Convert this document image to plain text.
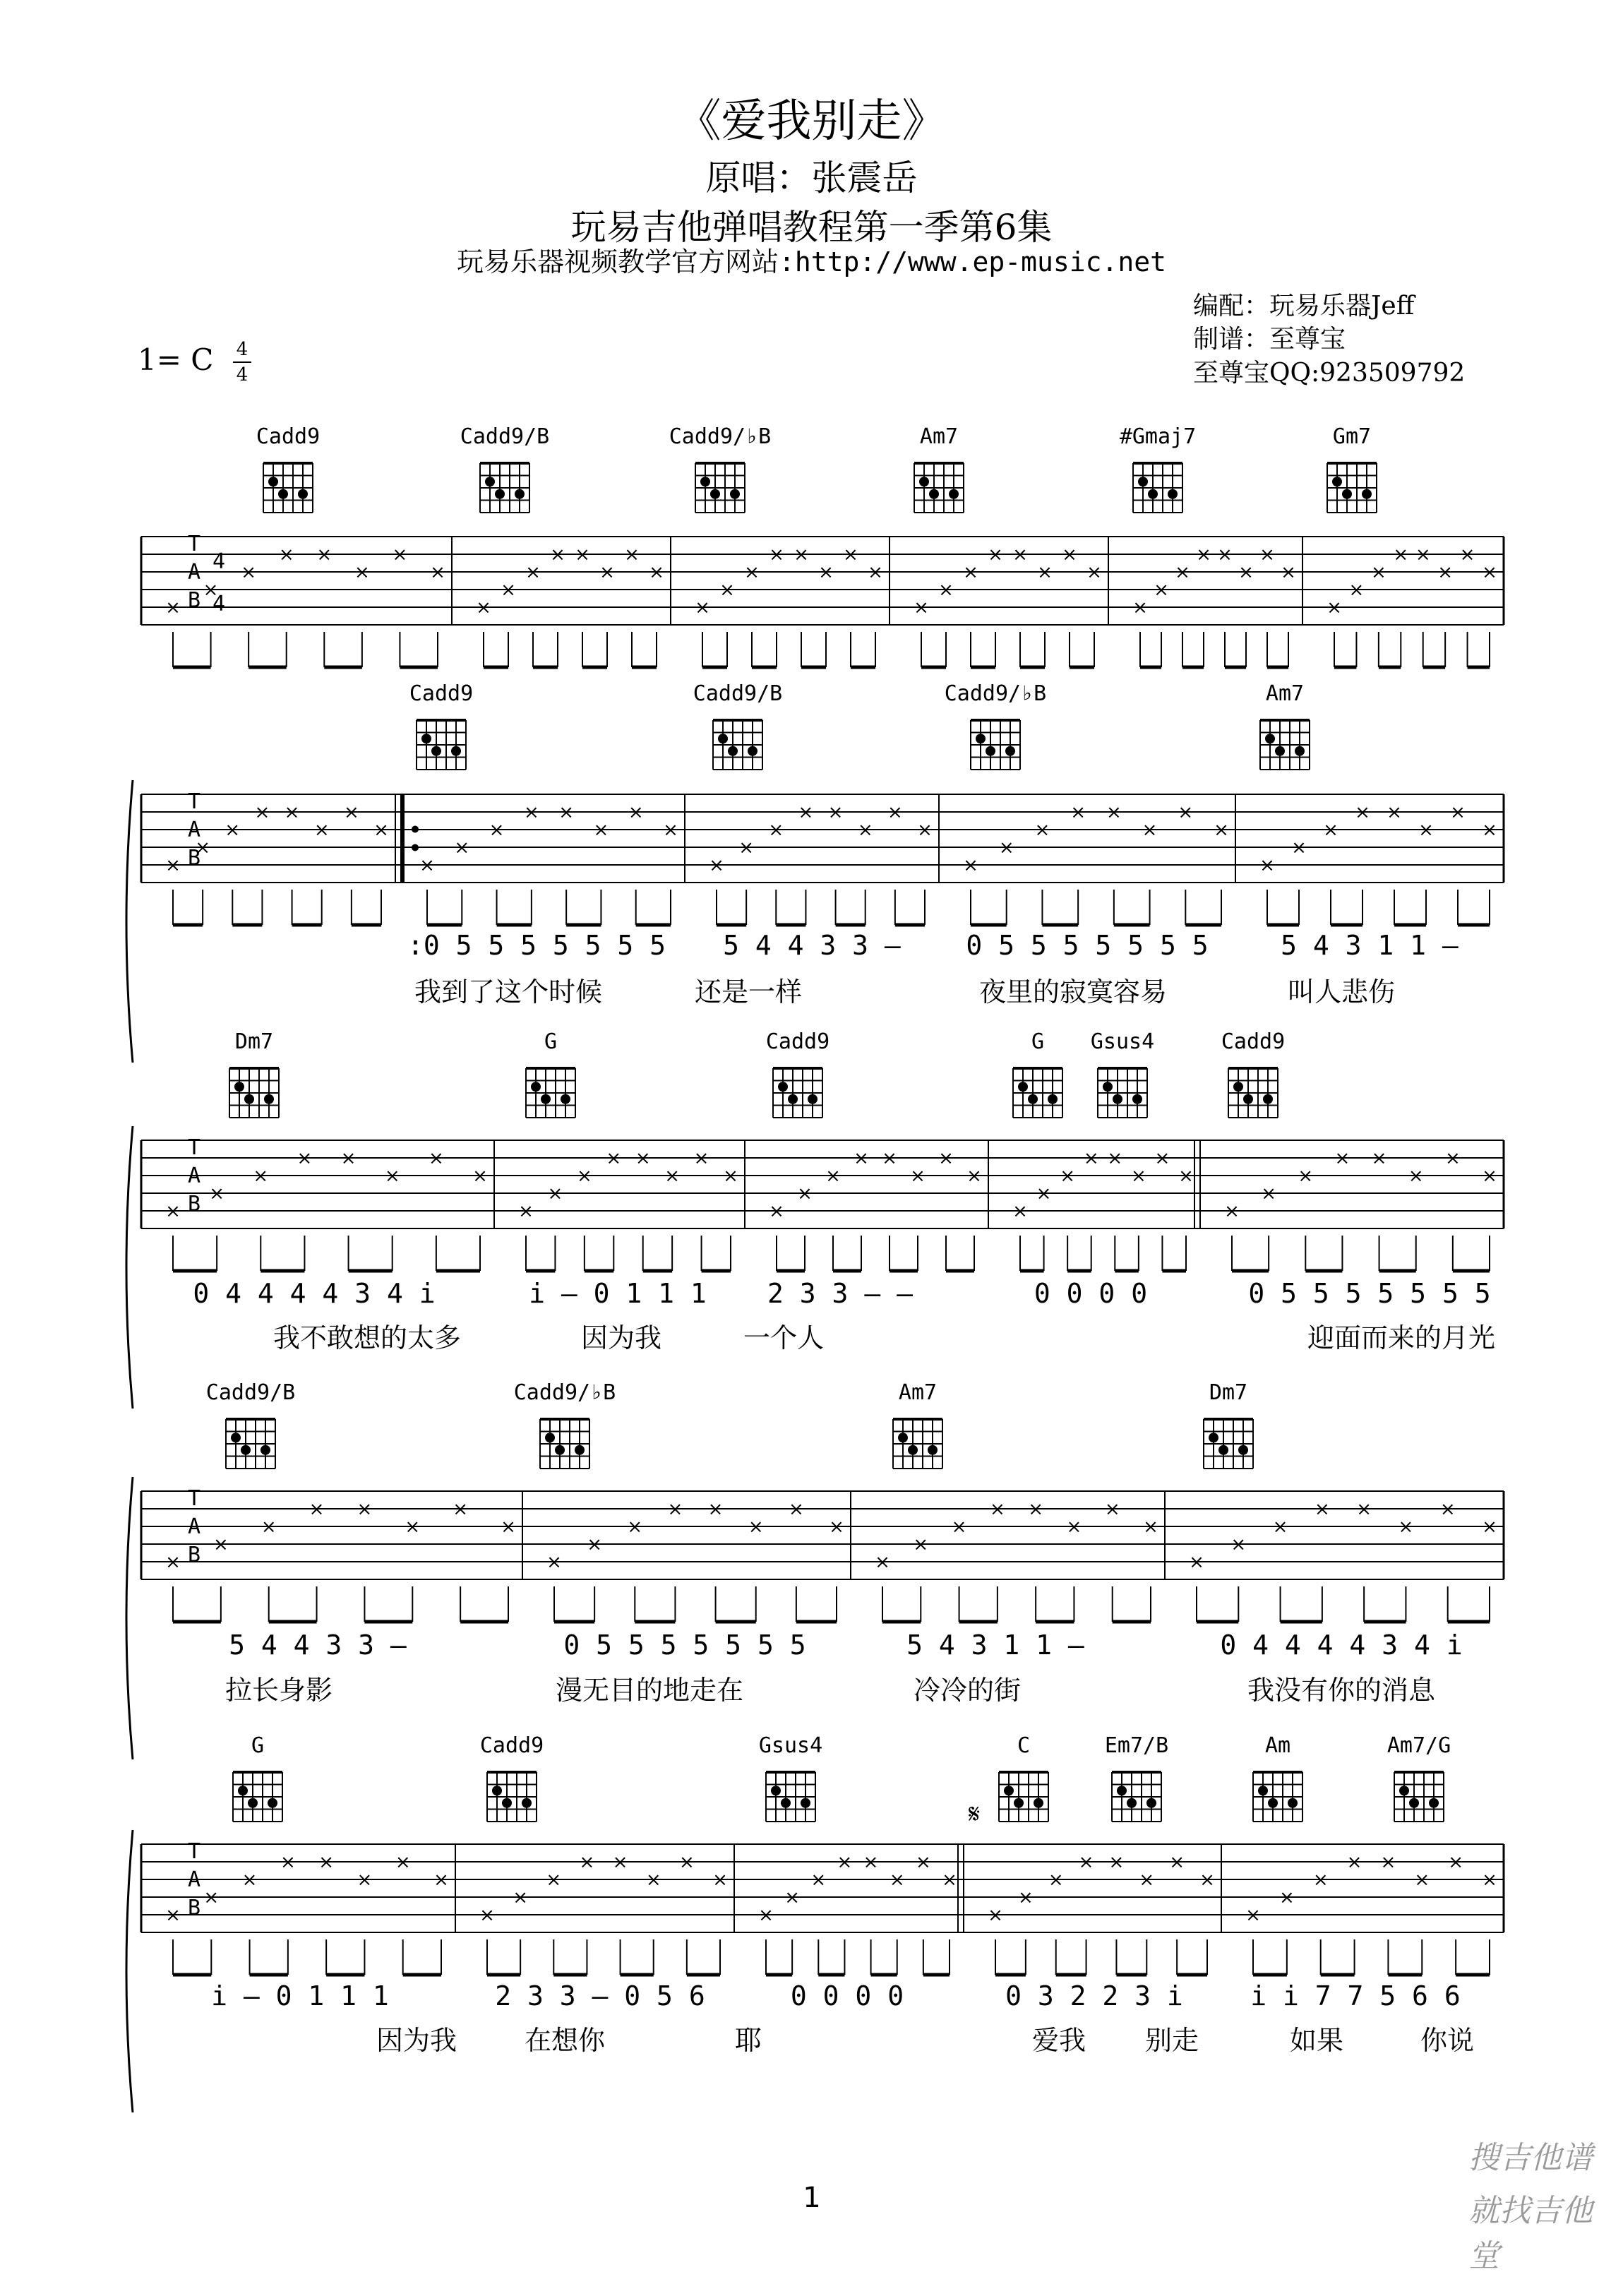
《爱我别走》
原唱：张震岳
玩易吉他弹唱教程第一季第6集
玩易乐器视频教学官方网站:http://www.ep-music.net
编配：玩易乐器Jeff
制谱：至尊宝
至尊宝QQ:923509792
1= C 4
4
T
A
B
4
4
×
×
×
× ×
×
×
×
×
×
×
× ×
×
×
×
×
×
×
× ×
×
×
×
×
×
×
× ×
×
×
×
×
×
×
× ×
×
×
×
×
×
×
× ×
×
×
×
Cadd9	Cadd9/B	Cadd9/♭B	Am7	#Gmaj7	Gm7
T
A
B
×
×
×
× ×
×
×
×
×
×
×
× ×
×
×
×
×
×
×
× ×
×
×
×
×
×
×
× ×
×
×
×
×
×
×
× ×
×
×
×
Cadd9	Cadd9/B	Cadd9/♭B	Am7
:0 5 5 5 5 5 5 5 5 4 4 3 3 – 0 5 5 5 5 5 5 5	5 4 3 1 1 –
我到了这个时候	还是一样	夜里的寂寞容易	叫人悲伤
T
A
B
×
×
×
× ×
×
×
×
×
×
×
× ×
×
×
×
×
×
×
× ×
×
×
×
×
×
×
× ×
×
×
×
×
×
×
× ×
×
×
×
Dm7	G	Cadd9	G Gsus4	Cadd9
0 4 4 4 4 3 4 i	i – 0 1 1 1 2 3 3 – –	0 0 0 0	0 5 5 5 5 5 5 5
我不敢想的太多	因为我	一个人	迎面而来的月光
T
A
B
×
×
×
× ×
×
×
×
×
×
×
× ×
×
×
×
×
×
×
× ×
×
×
×
×
×
×
× ×
×
×
×
Cadd9/B	Cadd9/♭B	Am7	Dm7
5 4 4 3 3 –	0 5 5 5 5 5 5 5	5 4 3 1 1 –	0 4 4 4 4 3 4 i
拉长身影	漫无目的地走在	冷冷的街	我没有你的消息
T
A
B
𝄋
×
×
×
× ×
×
×
×
×
×
×
× ×
×
×
×
×
×
×
× ×
×
×
×
×
×
×
× ×
×
×
×
×
×
×
× ×
×
×
×
G	Cadd9	Gsus4	C	Em7/B	Am	Am7/G
i – 0 1 1 1	2 3 3 – 0 5 6	0 0 0 0	0 3 2 2 3 i	i i 7 7 5 6 6
因为我	在想你	耶	爱我 别走	如果	你说
1
搜吉他谱
就找吉他堂
